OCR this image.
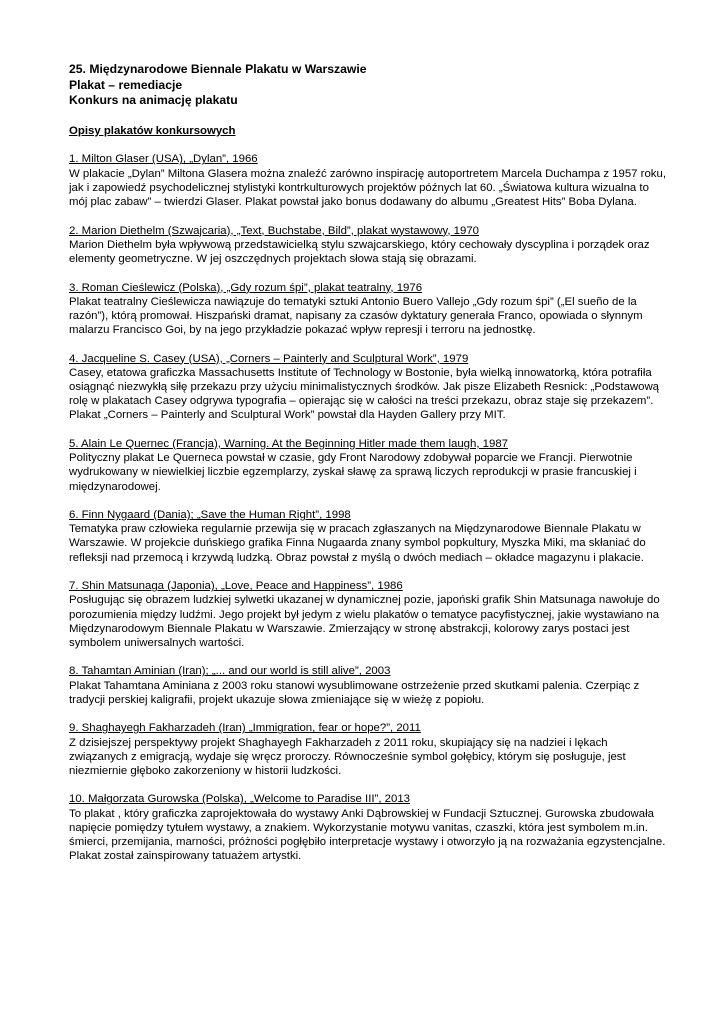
25. Międzynarodowe Biennale Plakatu w Warszawie
Plakat – remediacje
Konkurs na animację plakatu
Opisy plakatów konkursowych
1. Milton Glaser (USA), „Dylan”, 1966
W plakacie „Dylan” Miltona Glasera można znaleźć zarówno inspirację autoportretem Marcela Duchampa z 1957 roku, jak i zapowiedź psychodelicznej stylistyki kontrkulturowych projektów późnych lat 60. „Światowa kultura wizualna to mój plac zabaw” – twierdzi Glaser. Plakat powstał jako bonus dodawany do albumu „Greatest Hits” Boba Dylana.
2. Marion Diethelm (Szwajcaria), „Text, Buchstabe, Bild”, plakat wystawowy, 1970
Marion Diethelm była wpływową przedstawicielką stylu szwajcarskiego, który cechowały dyscyplina i porządek oraz elementy geometryczne. W jej oszczędnych projektach słowa stają się obrazami.
3. Roman Cieślewicz (Polska), „Gdy rozum śpi”, plakat teatralny, 1976
Plakat teatralny Cieślewicza nawiązuje do tematyki sztuki Antonio Buero Vallejo „Gdy rozum śpi” („El sueño de la razón”), którą promował. Hiszpański dramat, napisany za czasów dyktatury generała Franco, opowiada o słynnym malarzu Francisco Goi, by na jego przykładzie pokazać wpływ represji i terroru na jednostkę.
4. Jacqueline S. Casey (USA), „Corners – Painterly and Sculptural Work”, 1979
Casey, etatowa graficzka Massachusetts Institute of Technology w Bostonie, była wielką innowatorką, która potrafiła osiągnąć niezwykłą siłę przekazu przy użyciu minimalistycznych środków. Jak pisze Elizabeth Resnick: „Podstawową rolę w plakatach Casey odgrywa typografia – opierając się w całości na treści przekazu, obraz staje się przekazem”. Plakat „Corners – Painterly and Sculptural Work” powstał dla Hayden Gallery przy MIT.
5. Alain Le Quernec (Francja), Warning. At the Beginning Hitler made them laugh, 1987
Polityczny plakat Le Querneca powstał w czasie, gdy Front Narodowy zdobywał poparcie we Francji. Pierwotnie wydrukowany w niewielkiej liczbie egzemplarzy, zyskał sławę za sprawą liczych reprodukcji w prasie francuskiej i międzynarodowej.
6. Finn Nygaard (Dania); „Save the Human Right”, 1998
Tematyka praw człowieka regularnie przewija się w pracach zgłaszanych na Międzynarodowe Biennale Plakatu w Warszawie. W projekcie duńskiego grafika Finna Nugaarda znany symbol popkultury, Myszka Miki, ma skłaniać do refleksji nad przemocą i krzywdą ludzką. Obraz powstał z myślą o dwóch mediach – okładce magazynu i plakacie.
7. Shin Matsunaga (Japonia), „Love, Peace and Happiness”, 1986
Posługując się obrazem ludzkiej sylwetki ukazanej w dynamicznej pozie, japoński grafik Shin Matsunaga nawołuje do porozumienia między ludźmi. Jego projekt był jedym z wielu plakatów o tematyce pacyfistycznej, jakie wystawiano na Międzynarodowym Biennale Plakatu w Warszawie. Zmierzający w stronę abstrakcji, kolorowy zarys postaci jest symbolem uniwersalnych wartości.
8. Tahamtan Aminian (Iran); „... and our world is still alive”, 2003
Plakat Tahamtana Aminiana z 2003 roku stanowi wysublimowane ostrzeżenie przed skutkami palenia. Czerpiąc z tradycji perskiej kaligrafii, projekt ukazuje słowa zmieniające się w wieżę z popiołu.
9. Shaghayegh Fakharzadeh (Iran) „Immigration, fear or hope?”, 2011
Z dzisiejszej perspektywy projekt Shaghayegh Fakharzadeh z 2011 roku, skupiający się na nadziei i lękach związanych z emigracją, wydaje się wręcz proroczy. Równocześnie symbol gołębicy, którym się posługuje, jest niezmiernie głęboko zakorzeniony w historii ludzkości.
10. Małgorzata Gurowska (Polska), „Welcome to Paradise III”, 2013
To plakat , który graficzka zaprojektowała do wystawy Anki Dąbrowskiej w Fundacji Sztucznej. Gurowska zbudowała napięcie pomiędzy tytułem wystawy, a znakiem. Wykorzystanie motywu vanitas, czaszki, która jest symbolem m.in. śmierci, przemijania, marności, próżności pogłębiło interpretacje wystawy i otworzyło ją na rozważania egzystencjalne. Plakat został zainspirowany tatuażem artystki.
